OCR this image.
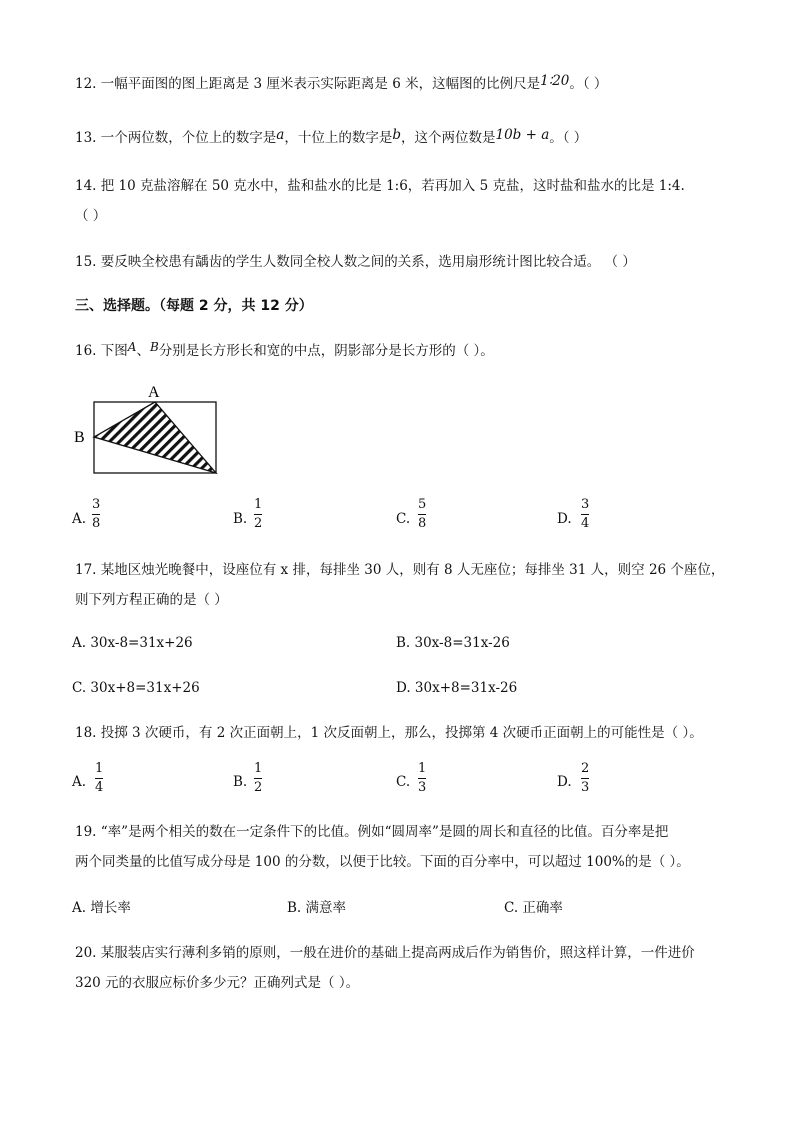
12. 一幅平面图的图上距离是 3 厘米表示实际距离是 6 米，这幅图的比例尺是1∶20。（ ）
13. 一个两位数，个位上的数字是a，十位上的数字是b，这个两位数是10b + a。（ ）
14. 把 10 克盐溶解在 50 克水中，盐和盐水的比是 1:6，若再加入 5 克盐，这时盐和盐水的比是 1:4.
（ ）
15. 要反映全校患有龋齿的学生人数同全校人数之间的关系，选用扇形统计图比较合适。 （ ）
三、选择题。（每题 2 分，共 12 分）
16. 下图A、B分别是长方形长和宽的中点，阴影部分是长方形的（ ）。
A
B
A.
3
8	B.
1
2	C.
5
8	D.
3
4
17. 某地区烛光晚餐中，设座位有 x 排，每排坐 30 人，则有 8 人无座位；每排坐 31 人，则空 26 个座位，
则下列方程正确的是（ ）
A. 30x-8=31x+26	B. 30x-8=31x-26
C. 30x+8=31x+26	D. 30x+8=31x-26
18. 投掷 3 次硬币，有 2 次正面朝上，1 次反面朝上，那么，投掷第 4 次硬币正面朝上的可能性是（ ）。
A.
1
4	B.
1
2	C.
1
3	D.
2
3
19. “率”是两个相关的数在一定条件下的比值。例如“圆周率”是圆的周长和直径的比值。百分率是把
两个同类量的比值写成分母是 100 的分数，以便于比较。下面的百分率中，可以超过 100%的是（ ）。
A. 增长率	B. 满意率	C. 正确率
20. 某服装店实行薄利多销的原则，一般在进价的基础上提高两成后作为销售价，照这样计算，一件进价
320 元的衣服应标价多少元？正确列式是（ ）。
